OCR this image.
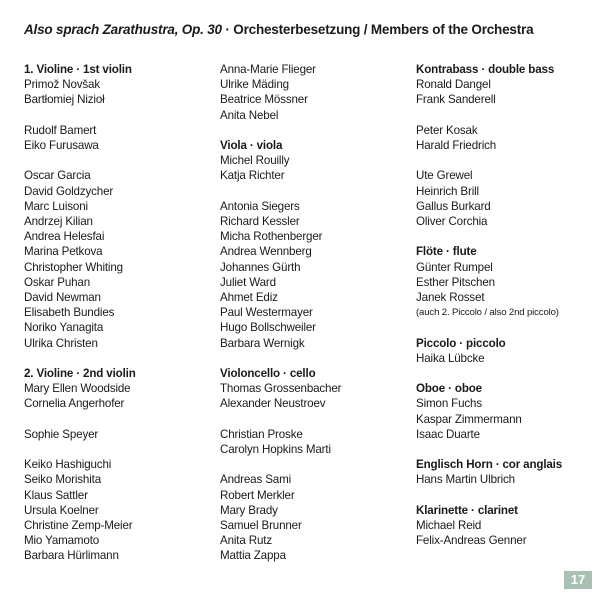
Also sprach Zarathustra, Op. 30 · Orchesterbesetzung / Members of the Orchestra
1. Violine · 1st violin
Primož Novšak
Bartłomiej Nizioł
Rudolf Bamert
Eiko Furusawa
Oscar Garcia
David Goldzycher
Marc Luisoni
Andrzej Kilian
Andrea Helesfai
Marina Petkova
Christopher Whiting
Oskar Puhan
David Newman
Elisabeth Bundies
Noriko Yanagita
Ulrika Christen
2. Violine · 2nd violin
Mary Ellen Woodside
Cornelia Angerhofer
Sophie Speyer
Keiko Hashiguchi
Seiko Morishita
Klaus Sattler
Ursula Koelner
Christine Zemp-Meier
Mio Yamamoto
Barbara Hürlimann
Anna-Marie Flieger
Ulrike Mäding
Beatrice Mössner
Anita Nebel
Viola · viola
Michel Rouilly
Katja Richter
Antonia Siegers
Richard Kessler
Micha Rothenberger
Andrea Wennberg
Johannes Gürth
Juliet Ward
Ahmet Ediz
Paul Westermayer
Hugo Bollschweiler
Barbara Wernigk
Violoncello · cello
Thomas Grossenbacher
Alexander Neustroev
Christian Proske
Carolyn Hopkins Marti
Andreas Sami
Robert Merkler
Mary Brady
Samuel Brunner
Anita Rutz
Mattia Zappa
Kontrabass · double bass
Ronald Dangel
Frank Sanderell
Peter Kosak
Harald Friedrich
Ute Grewel
Heinrich Brill
Gallus Burkard
Oliver Corchia
Flöte · flute
Günter Rumpel
Esther Pitschen
Janek Rosset
(auch 2. Piccolo / also 2nd piccolo)
Piccolo · piccolo
Haika Lübcke
Oboe · oboe
Simon Fuchs
Kaspar Zimmermann
Isaac Duarte
Englisch Horn · cor anglais
Hans Martin Ulbrich
Klarinette · clarinet
Michael Reid
Felix-Andreas Genner
17
